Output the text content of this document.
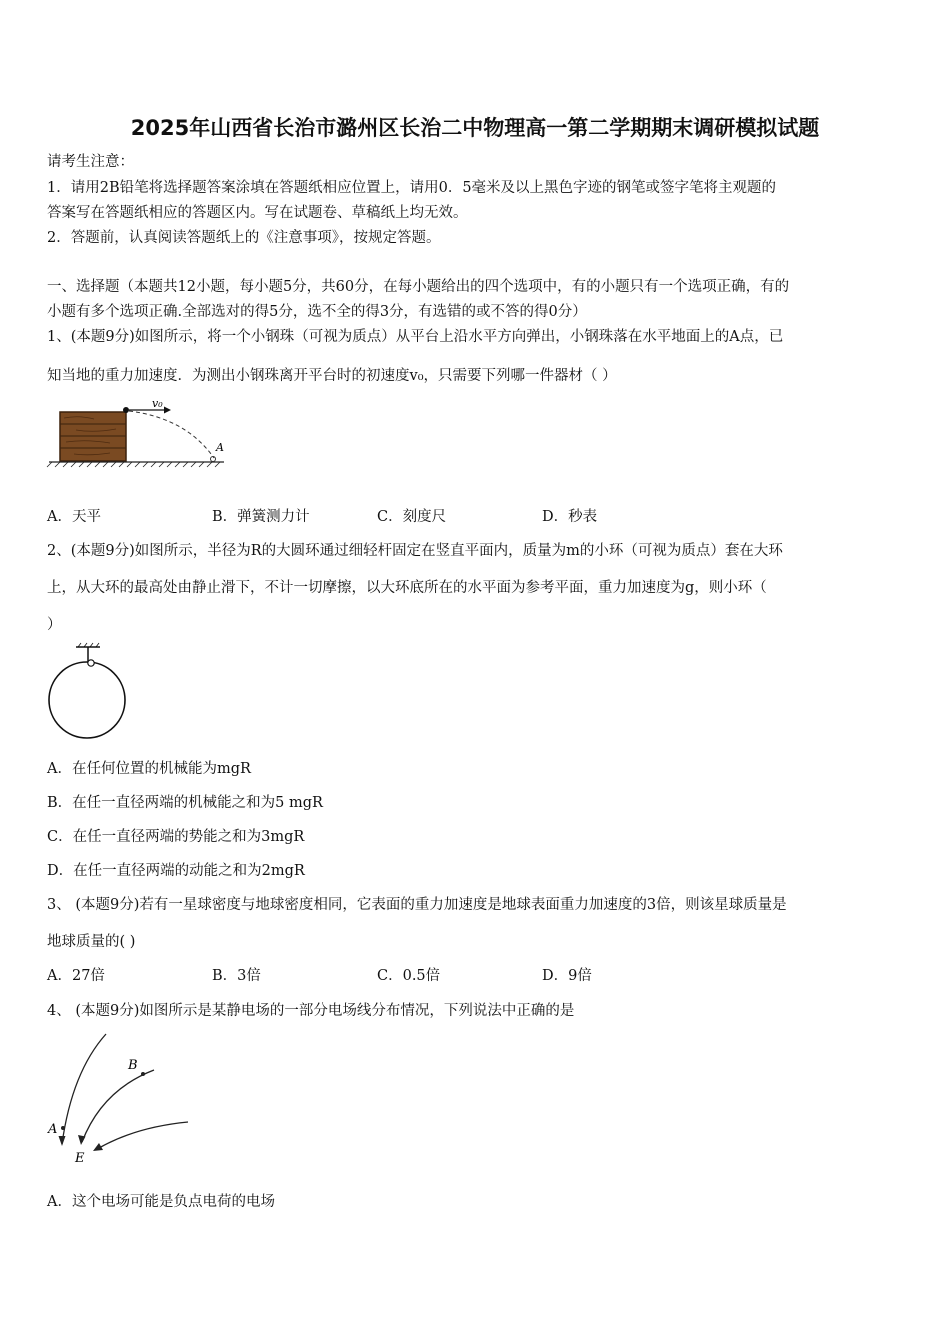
2025年山西省长治市潞州区长治二中物理高一第二学期期末调研模拟试题
请考生注意：
1．请用2B铅笔将选择题答案涂填在答题纸相应位置上，请用0．5毫米及以上黑色字迹的钢笔或签字笔将主观题的
答案写在答题纸相应的答题区内。写在试题卷、草稿纸上均无效。
2．答题前，认真阅读答题纸上的《注意事项》，按规定答题。
一、选择题（本题共12小题，每小题5分，共60分，在每小题给出的四个选项中，有的小题只有一个选项正确，有的
小题有多个选项正确.全部选对的得5分，选不全的得3分，有选错的或不答的得0分）
1、(本题9分)如图所示，将一个小钢珠（可视为质点）从平台上沿水平方向弹出，小钢珠落在水平地面上的A点，已
知当地的重力加速度．为测出小钢珠离开平台时的初速度v₀，只需要下列哪一件器材（ ）
v₀
A
A．天平	B．弹簧测力计	C．刻度尺	D．秒表
2、(本题9分)如图所示，半径为R的大圆环通过细轻杆固定在竖直平面内，质量为m的小环（可视为质点）套在大环
上，从大环的最高处由静止滑下，不计一切摩擦，以大环底所在的水平面为参考平面，重力加速度为g，则小环（
）
A．在任何位置的机械能为mgR
B．在任一直径两端的机械能之和为5 mgR
C．在任一直径两端的势能之和为3mgR
D．在任一直径两端的动能之和为2mgR
3、 (本题9分)若有一星球密度与地球密度相同，它表面的重力加速度是地球表面重力加速度的3倍，则该星球质量是
地球质量的( )
A．27倍	B．3倍	C．0.5倍	D．9倍
4、 (本题9分)如图所示是某静电场的一部分电场线分布情况，下列说法中正确的是
A
B
E
A．这个电场可能是负点电荷的电场
